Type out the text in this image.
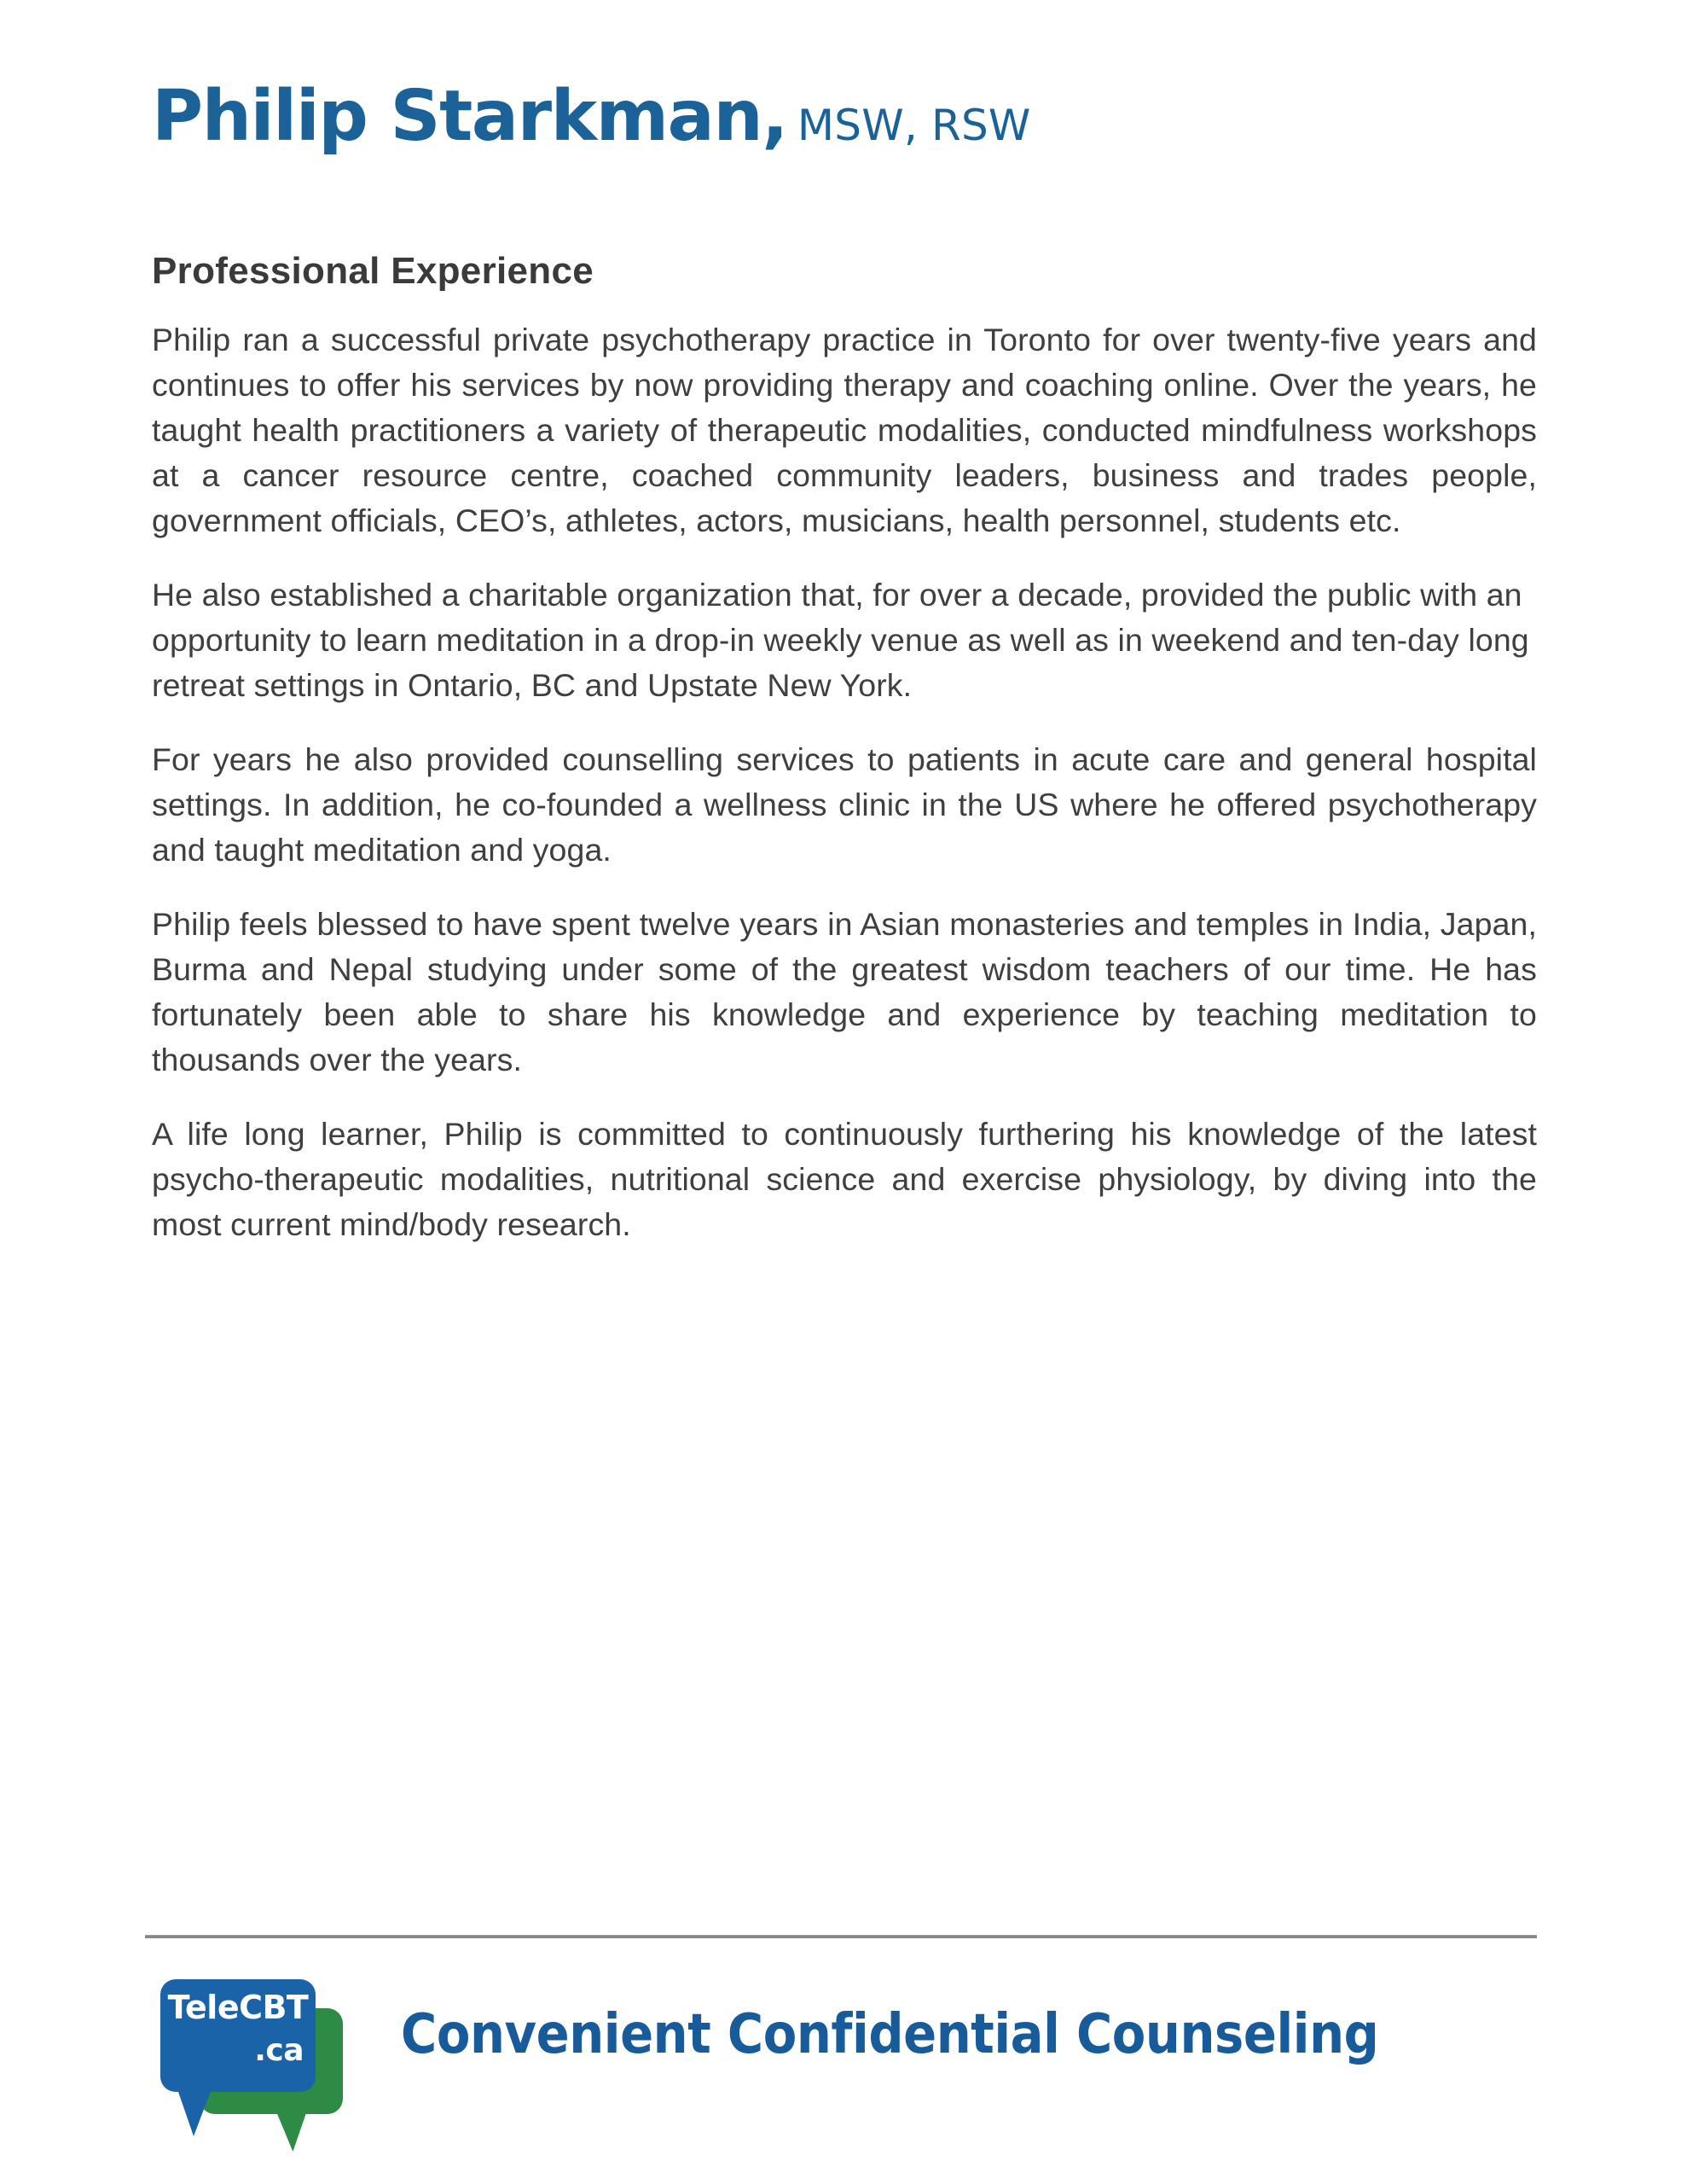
Philip Starkman, MSW, RSW
Professional Experience

Philip ran a successful private psychotherapy practice in Toronto for over twenty-five years and continues to offer his services by now providing therapy and coaching online. Over the years, he taught health practitioners a variety of therapeutic modalities, conducted mindfulness workshops at a cancer resource centre, coached community leaders, business and trades people, government officials, CEO’s, athletes, actors, musicians, health personnel, students etc.

He also established a charitable organization that, for over a decade, provided the public with an opportunity to learn meditation in a drop-in weekly venue as well as in weekend and ten-day long retreat settings in Ontario, BC and Upstate New York.

For years he also provided counselling services to patients in acute care and general hospital settings. In addition, he co-founded a wellness clinic in the US where he offered psychotherapy and taught meditation and yoga.

Philip feels blessed to have spent twelve years in Asian monasteries and temples in India, Japan, Burma and Nepal studying under some of the greatest wisdom teachers of our time. He has fortunately been able to share his knowledge and experience by teaching meditation to thousands over the years.

A life long learner, Philip is committed to continuously furthering his knowledge of the latest psycho-therapeutic modalities, nutritional science and exercise physiology, by diving into the most current mind/body research.

TeleCBT
.ca Convenient Confidential Counseling
